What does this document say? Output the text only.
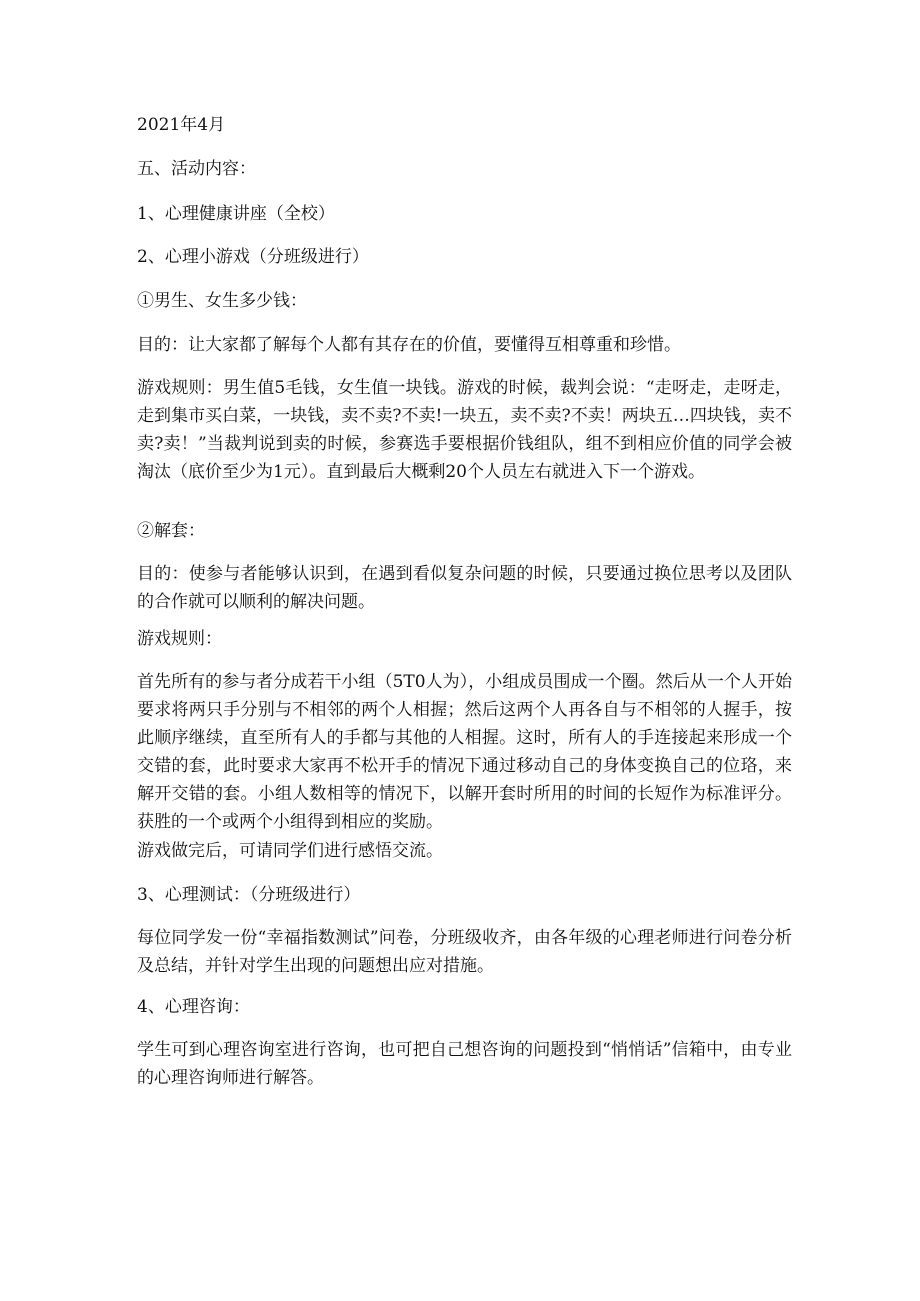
2021年4月
五、活动内容：
1、心理健康讲座（全校）
2、心理小游戏（分班级进行）
①男生、女生多少钱：
目的：让大家都了解每个人都有其存在的价值，要懂得互相尊重和珍惜。
游戏规则：男生值5毛钱，女生值一块钱。游戏的时候，裁判会说：“走呀走，走呀走，走到集市买白菜，一块钱，卖不卖?不卖!一块五，卖不卖?不卖！两块五…四块钱，卖不卖?卖！”当裁判说到卖的时候，参赛选手要根据价钱组队，组不到相应价值的同学会被淘汰（底价至少为1元）。直到最后大概剩20个人员左右就进入下一个游戏。
②解套：
目的：使参与者能够认识到，在遇到看似复杂问题的时候，只要通过换位思考以及团队的合作就可以顺利的解决问题。
游戏规则：
首先所有的参与者分成若干小组（5T0人为），小组成员围成一个圈。然后从一个人开始要求将两只手分别与不相邻的两个人相握；然后这两个人再各自与不相邻的人握手，按此顺序继续，直至所有人的手都与其他的人相握。这时，所有人的手连接起来形成一个交错的套，此时要求大家再不松开手的情况下通过移动自己的身体变换自己的位珞，来解开交错的套。小组人数相等的情况下，以解开套时所用的时间的长短作为标准评分。获胜的一个或两个小组得到相应的奖励。
游戏做完后，可请同学们进行感悟交流。
3、心理测试：（分班级进行）
每位同学发一份“幸福指数测试”问卷，分班级收齐，由各年级的心理老师进行问卷分析及总结，并针对学生出现的问题想出应对措施。
4、心理咨询：
学生可到心理咨询室进行咨询，也可把自己想咨询的问题投到“悄悄话”信箱中，由专业的心理咨询师进行解答。
